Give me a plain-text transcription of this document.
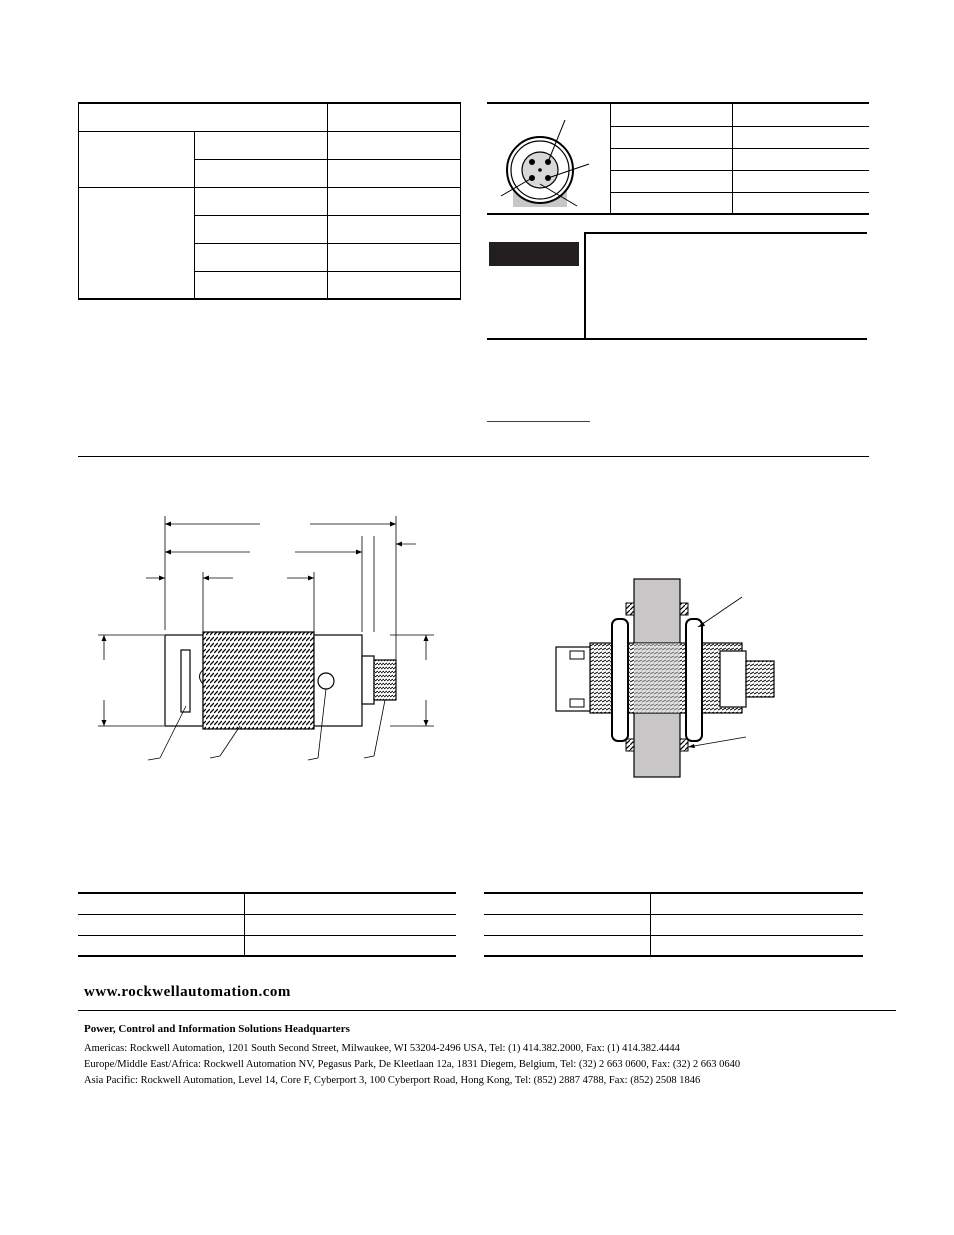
www.rockwellautomation.com
Power, Control and Information Solutions Headquarters
Americas: Rockwell Automation, 1201 South Second Street, Milwaukee, WI 53204-2496 USA, Tel: (1) 414.382.2000, Fax: (1) 414.382.4444
Europe/Middle East/Africa: Rockwell Automation NV, Pegasus Park, De Kleetlaan 12a, 1831 Diegem, Belgium, Tel: (32) 2 663 0600, Fax: (32) 2 663 0640
Asia Pacific: Rockwell Automation, Level 14, Core F, Cyberport 3, 100 Cyberport Road, Hong Kong, Tel: (852) 2887 4788, Fax: (852) 2508 1846
